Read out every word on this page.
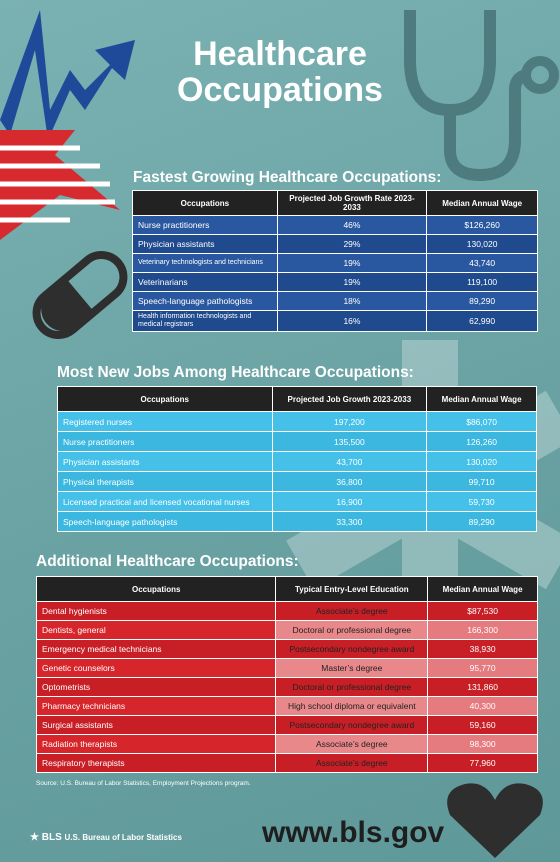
Healthcare
Occupations
Fastest Growing Healthcare Occupations:
Occupations	Projected Job Growth Rate 2023-2033	Median Annual Wage
Nurse practitioners	46%	$126,260
Physician assistants	29%	130,020
Veterinary technologists and technicians	19%	43,740
Veterinarians	19%	119,100
Speech-language pathologists	18%	89,290
Health information technologists and medical registrars	16%	62,990
Most New Jobs Among Healthcare Occupations:
Occupations	Projected Job Growth 2023-2033	Median Annual Wage
Registered nurses	197,200	$86,070
Nurse practitioners	135,500	126,260
Physician assistants	43,700	130,020
Physical therapists	36,800	99,710
Licensed practical and licensed vocational nurses	16,900	59,730
Speech-language pathologists	33,300	89,290
Additional Healthcare Occupations:
Occupations	Typical Entry-Level Education	Median Annual Wage
Dental hygienists	Associate’s degree	$87,530
Dentists, general	Doctoral or professional degree	166,300
Emergency medical technicians	Postsecondary nondegree award	38,930
Genetic counselors	Master’s degree	95,770
Optometrists	Doctoral or professional degree	131,860
Pharmacy technicians	High school diploma or equivalent	40,300
Surgical assistants	Postsecondary nondegree award	59,160
Radiation therapists	Associate’s degree	98,300
Respiratory therapists	Associate’s degree	77,960
Source: U.S. Bureau of Labor Statistics, Employment Projections program.
★ BLS U.S. Bureau of Labor Statistics	www.bls.gov
